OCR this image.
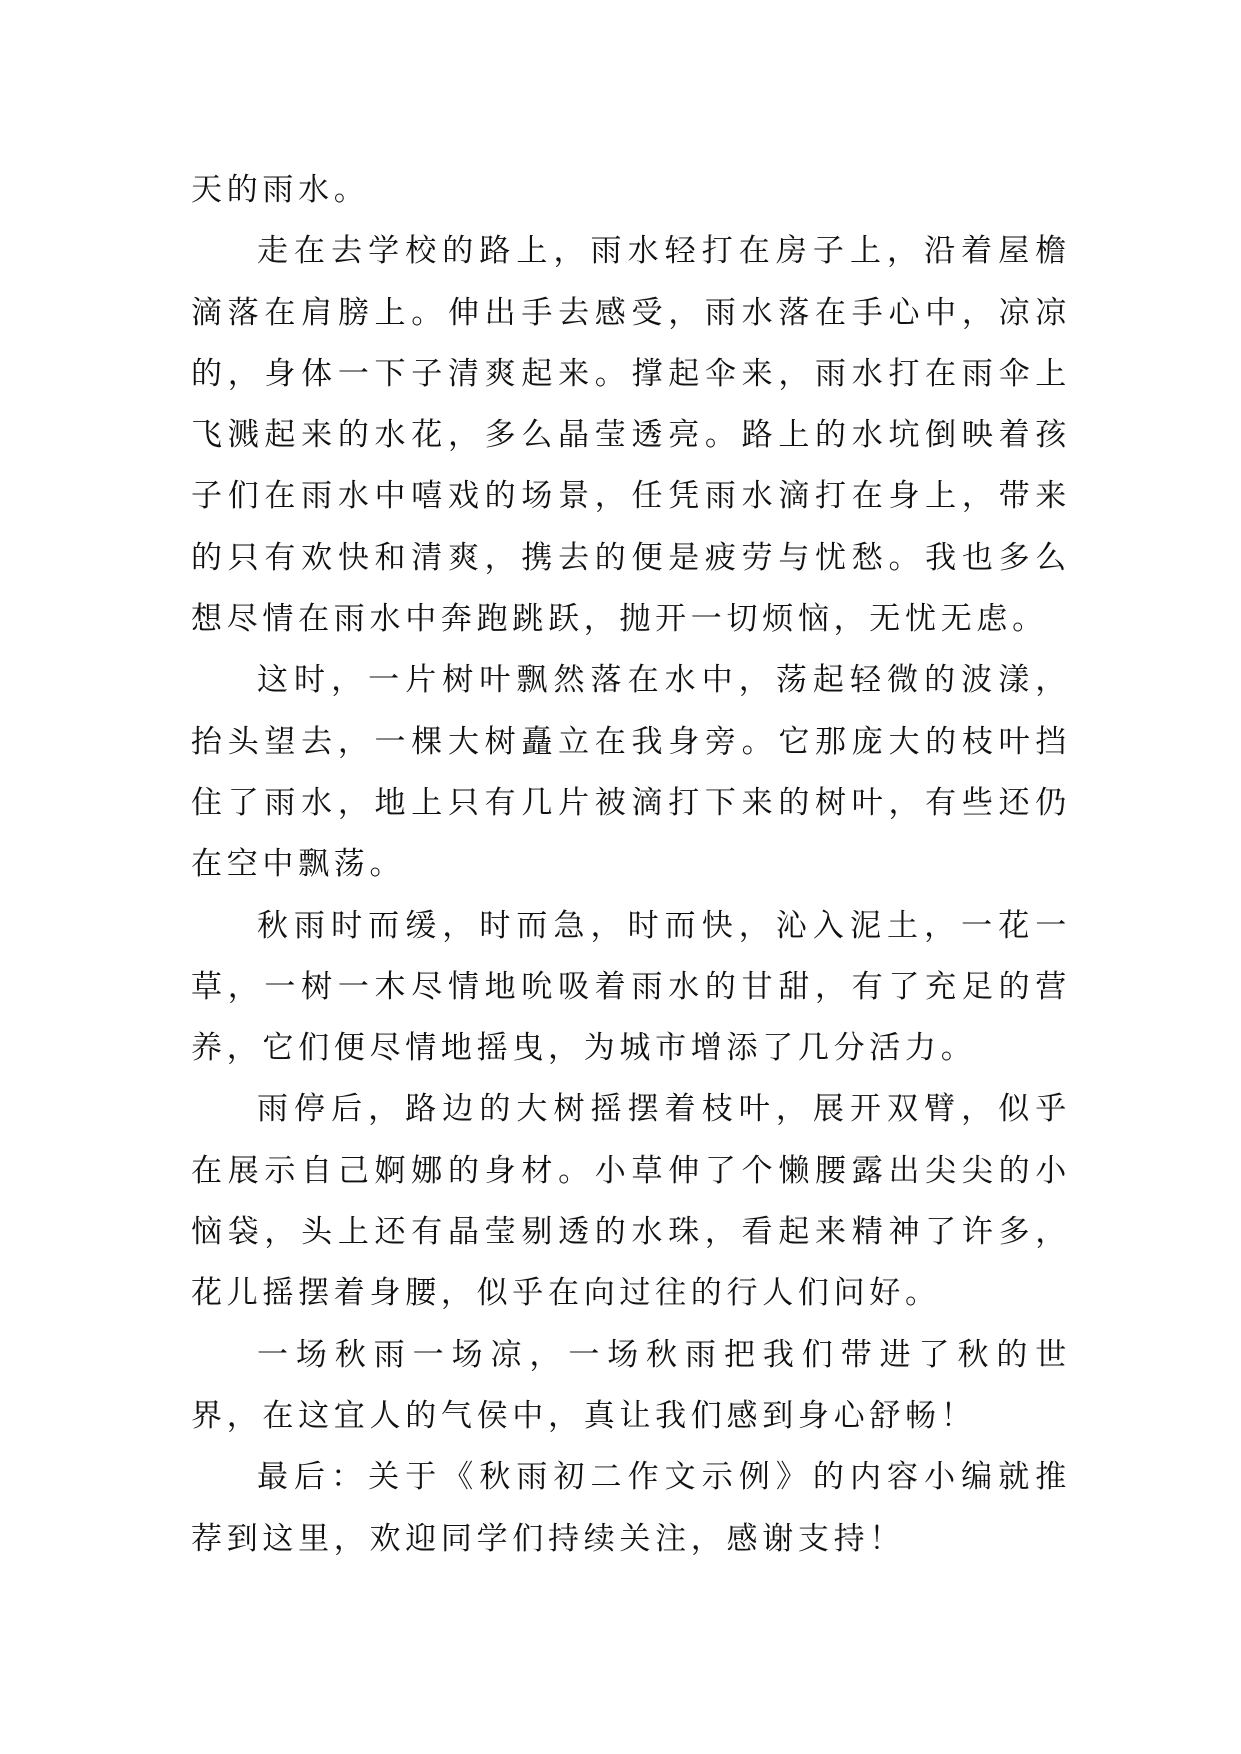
天的雨水。

走在去学校的路上，雨水轻打在房子上，沿着屋檐滴落在肩膀上。伸出手去感受，雨水落在手心中，凉凉的，身体一下子清爽起来。撑起伞来，雨水打在雨伞上飞溅起来的水花，多么晶莹透亮。路上的水坑倒映着孩子们在雨水中嘻戏的场景，任凭雨水滴打在身上，带来的只有欢快和清爽，携去的便是疲劳与忧愁。我也多么想尽情在雨水中奔跑跳跃，抛开一切烦恼，无忧无虑。

这时，一片树叶飘然落在水中，荡起轻微的波漾，抬头望去，一棵大树矗立在我身旁。它那庞大的枝叶挡住了雨水，地上只有几片被滴打下来的树叶，有些还仍在空中飘荡。

秋雨时而缓，时而急，时而快，沁入泥土，一花一草，一树一木尽情地吮吸着雨水的甘甜，有了充足的营养，它们便尽情地摇曳，为城市增添了几分活力。

雨停后，路边的大树摇摆着枝叶，展开双臂，似乎在展示自己婀娜的身材。小草伸了个懒腰露出尖尖的小恼袋，头上还有晶莹剔透的水珠，看起来精神了许多，花儿摇摆着身腰，似乎在向过往的行人们问好。

一场秋雨一场凉，一场秋雨把我们带进了秋的世界，在这宜人的气侯中，真让我们感到身心舒畅！

最后：关于《秋雨初二作文示例》的内容小编就推荐到这里，欢迎同学们持续关注，感谢支持！
